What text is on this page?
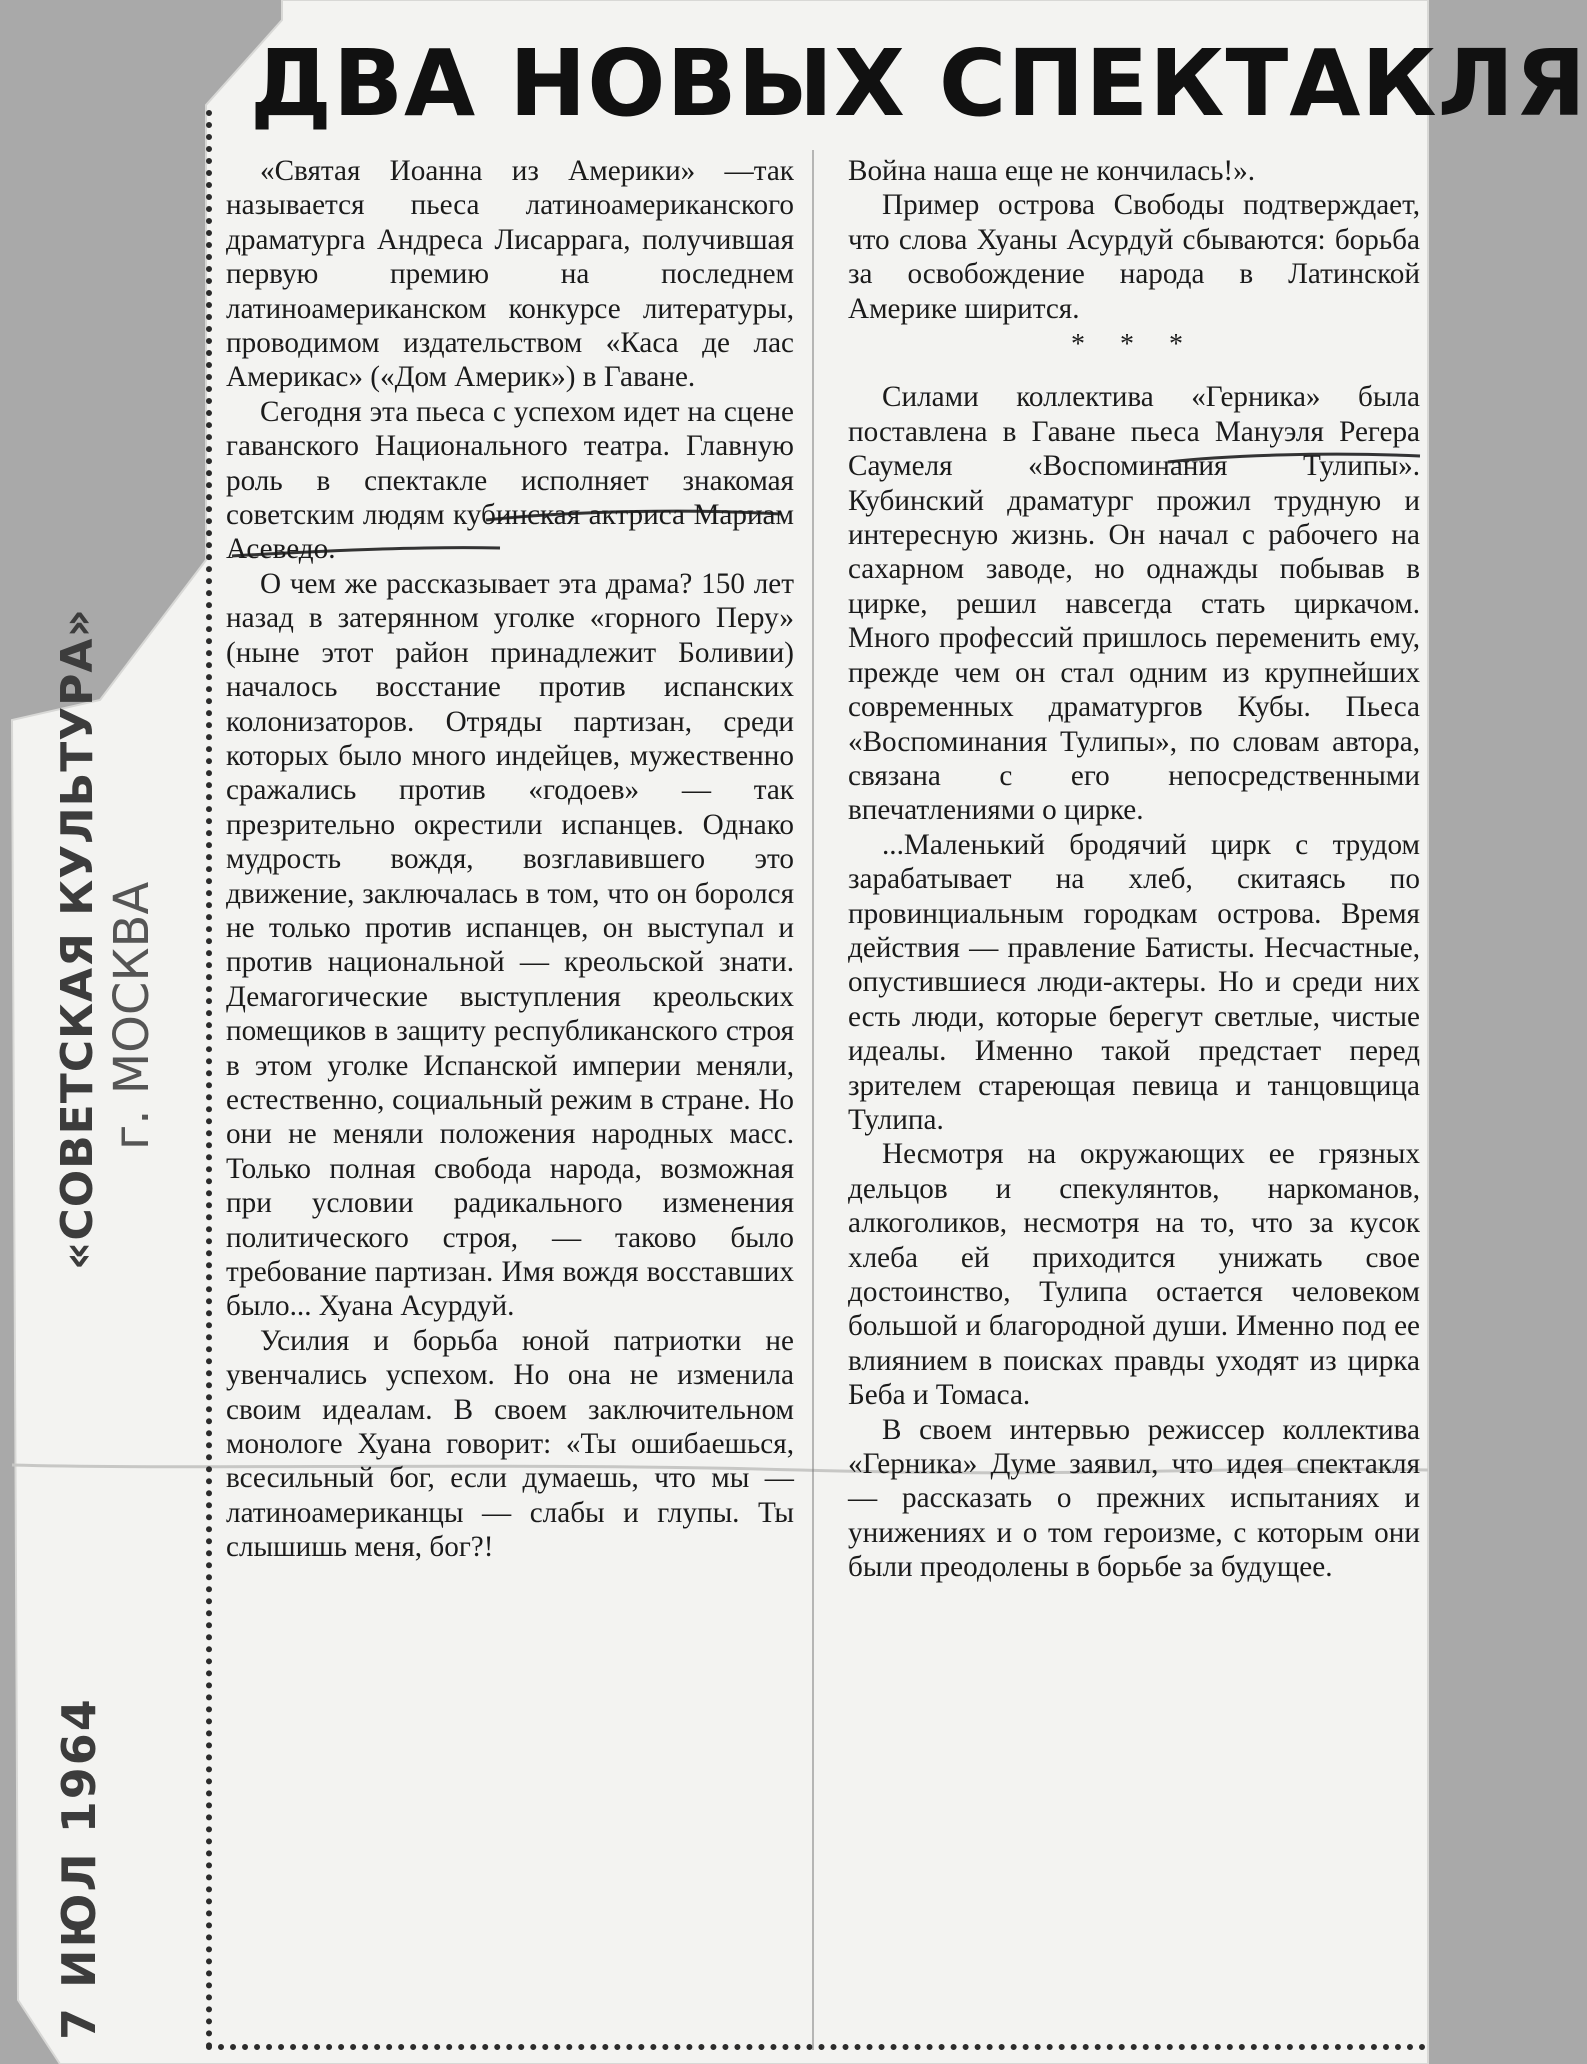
ДВА НОВЫХ СПЕКТАКЛЯ

«Святая Иоанна из Америки» —так называется пьеса латиноамериканского драматурга Андреса Лисаррага, получившая первую премию на последнем латиноамериканском конкурсе литературы, проводимом издательством «Каса де лас Америкас» («Дом Америк») в Гаване.

Сегодня эта пьеса с успехом идет на сцене гаванского Национального театра. Главную роль в спектакле исполняет знакомая советским людям кубинская актриса Мариам Асеведо.

О чем же рассказывает эта драма? 150 лет назад в затерянном уголке «горного Перу» (ныне этот район принадлежит Боливии) началось восстание против испанских колонизаторов. Отряды партизан, среди которых было много индейцев, мужественно сражались против «годоев» — так презрительно окрестили испанцев. Однако мудрость вождя, возглавившего это движение, заключалась в том, что он боролся не только против испанцев, он выступал и против национальной — креольской знати. Демагогические выступления креольских помещиков в защиту республиканского строя в этом уголке Испанской империи меняли, естественно, социальный режим в стране. Но они не меняли положения народных масс. Только полная свобода народа, возможная при условии радикального изменения политического строя, — таково было требование партизан. Имя вождя восставших было... Хуана Асурдуй.

Усилия и борьба юной патриотки не увенчались успехом. Но она не изменила своим идеалам. В своем заключительном монологе Хуана говорит: «Ты ошибаешься, всесильный бог, если думаешь, что мы — латиноамериканцы — слабы и глупы. Ты слышишь меня, бог?!

Война наша еще не кончилась!».

Пример острова Свободы подтверждает, что слова Хуаны Асурдуй сбываются: борьба за освобождение народа в Латинской Америке ширится.

* * *

Силами коллектива «Герника» была поставлена в Гаване пьеса Мануэля Регера Саумеля «Воспоминания Тулипы». Кубинский драматург прожил трудную и интересную жизнь. Он начал с рабочего на сахарном заводе, но однажды побывав в цирке, решил навсегда стать циркачом. Много профессий пришлось переменить ему, прежде чем он стал одним из крупнейших современных драматургов Кубы. Пьеса «Воспоминания Тулипы», по словам автора, связана с его непосредственными впечатлениями о цирке.

...Маленький бродячий цирк с трудом зарабатывает на хлеб, скитаясь по провинциальным городкам острова. Время действия — правление Батисты. Несчастные, опустившиеся люди-актеры. Но и среди них есть люди, которые берегут светлые, чистые идеалы. Именно такой предстает перед зрителем стареющая певица и танцовщица Тулипа.

Несмотря на окружающих ее грязных дельцов и спекулянтов, наркоманов, алкоголиков, несмотря на то, что за кусок хлеба ей приходится унижать свое достоинство, Тулипа остается человеком большой и благородной души. Именно под ее влиянием в поисках правды уходят из цирка Беба и Томаса.

В своем интервью режиссер коллектива «Герника» Думе заявил, что идея спектакля — рассказать о прежних испытаниях и унижениях и о том героизме, с которым они были преодолены в борьбе за будущее.

«СОВЕТСКАЯ КУЛЬТУРА» г. МОСКВА
7 ИЮЛ 1964
